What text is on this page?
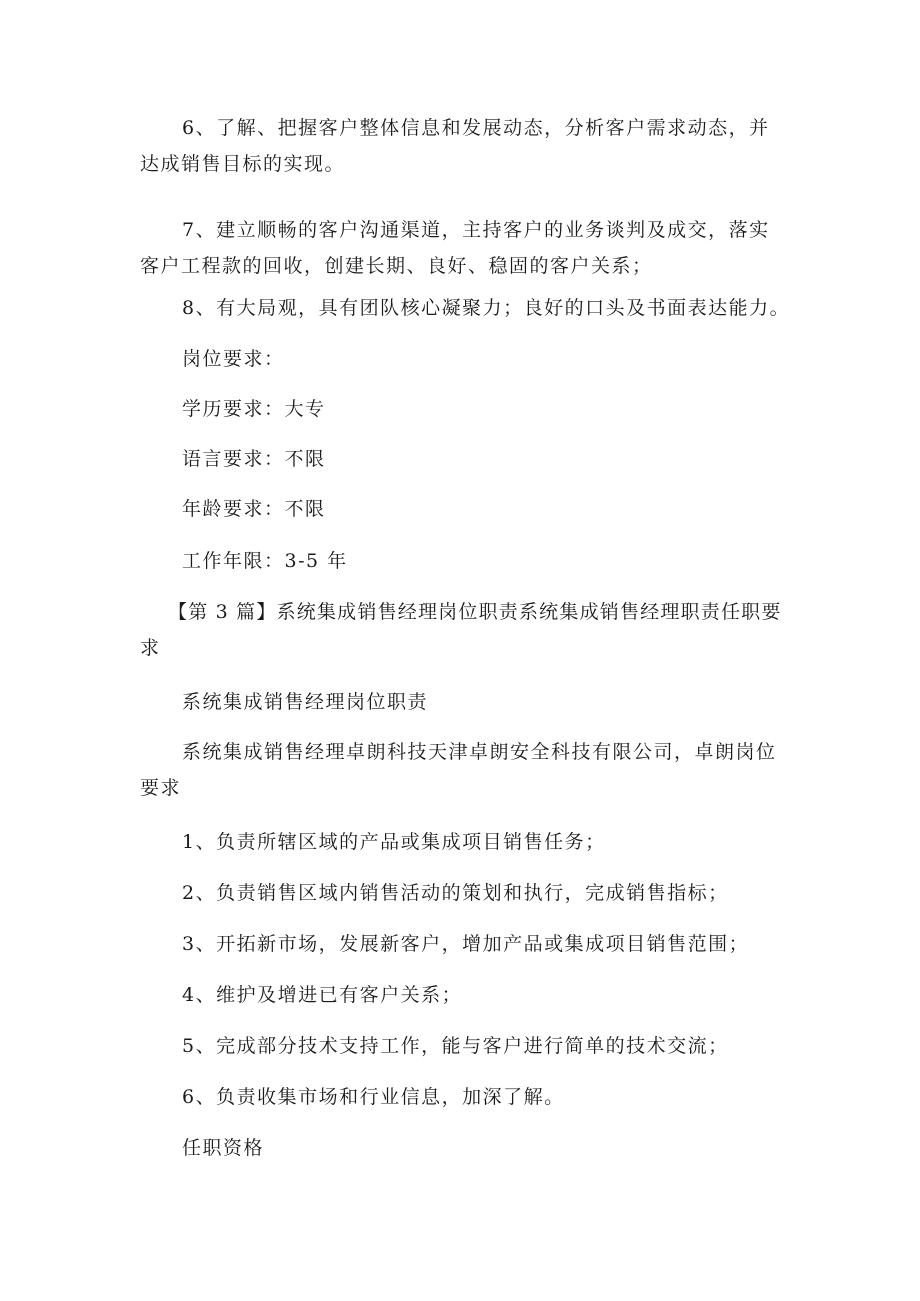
6、了解、把握客户整体信息和发展动态，分析客户需求动态，并达成销售目标的实现。
7、建立顺畅的客户沟通渠道，主持客户的业务谈判及成交，落实客户工程款的回收，创建长期、良好、稳固的客户关系；
8、有大局观，具有团队核心凝聚力；良好的口头及书面表达能力。
岗位要求：
学历要求：大专
语言要求：不限
年龄要求：不限
工作年限：3-5 年
【第 3 篇】系统集成销售经理岗位职责系统集成销售经理职责任职要求
系统集成销售经理岗位职责
系统集成销售经理卓朗科技天津卓朗安全科技有限公司，卓朗岗位要求
1、负责所辖区域的产品或集成项目销售任务；
2、负责销售区域内销售活动的策划和执行，完成销售指标；
3、开拓新市场，发展新客户，增加产品或集成项目销售范围；
4、维护及增进已有客户关系；
5、完成部分技术支持工作，能与客户进行简单的技术交流；
6、负责收集市场和行业信息，加深了解。
任职资格
